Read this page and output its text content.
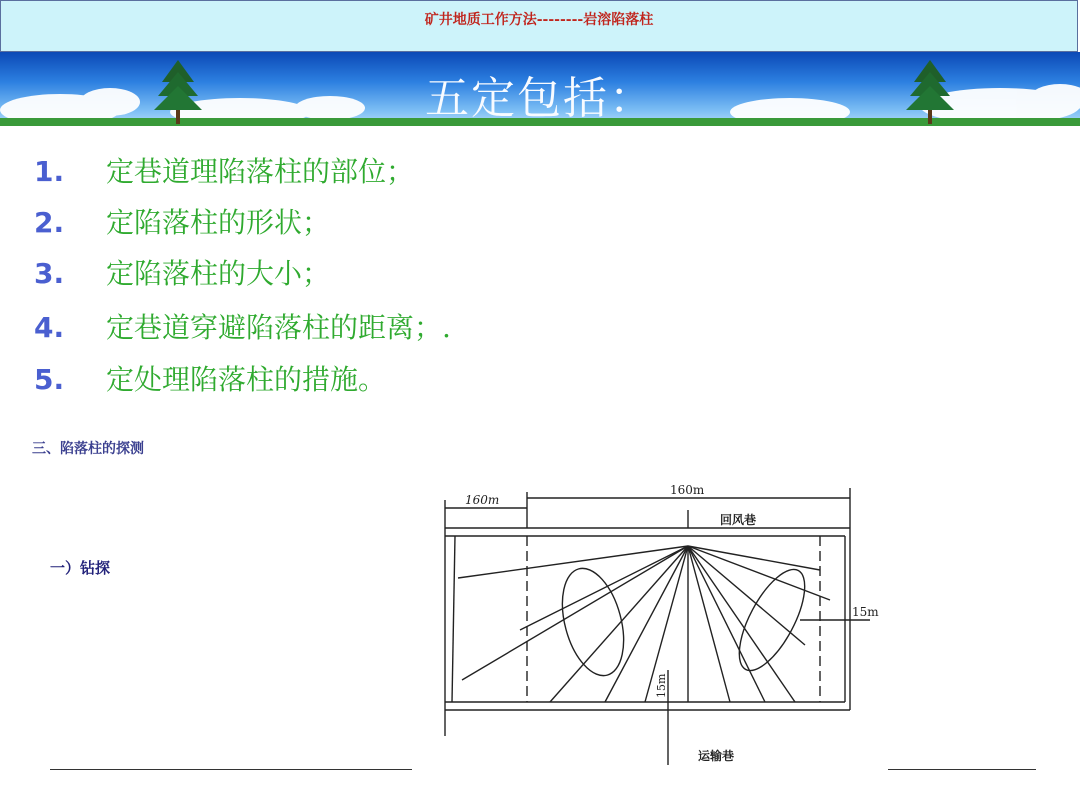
矿井地质工作方法--------岩溶陷落柱
五定包括：
1.	定巷道理陷落柱的部位；
2.	定陷落柱的形状；
3.	定陷落柱的大小；
4.	定巷道穿避陷落柱的距离；.
5.	定处理陷落柱的措施。
三、陷落柱的探测
一）钻探
160m
160m
回风巷
15m
15m
运输巷
